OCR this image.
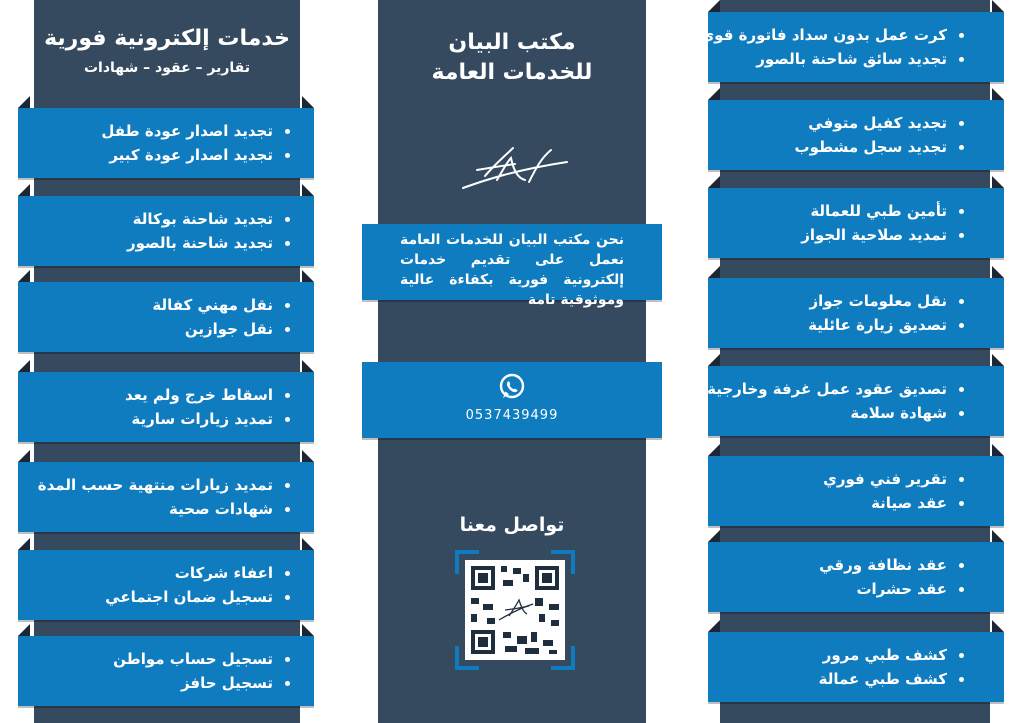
خدمات إلكترونية فورية
تقارير – عقود – شهادات
تجديد اصدار عودة طفل
تجديد اصدار عودة كبير
تجديد شاحنة بوكالة
تجديد شاحنة بالصور
نقل مهني كفالة
نقل جوازين
اسقاط خرج ولم يعد
تمديد زيارات سارية
تمديد زيارات منتهية حسب المدة
شهادات صحية
اعفاء شركات
تسجيل ضمان اجتماعي
تسجيل حساب مواطن
تسجيل حافز
مكتب البيان
للخدمات العامة
نحن مكتب البيان للخدمات العامة نعمل على تقديم خدمات إلكترونية فورية بكفاءة عالية وموثوقية تامة
0537439499
تواصل معنا
كرت عمل بدون سداد فاتورة قوى
تجديد سائق شاحنة بالصور
تجديد كفيل متوفي
تجديد سجل مشطوب
تأمين طبي للعمالة
تمديد صلاحية الجواز
نقل معلومات جواز
تصديق زيارة عائلية
تصديق عقود عمل غرفة وخارجية
شهادة سلامة
تقرير فني فوري
عقد صيانة
عقد نظافة ورقي
عقد حشرات
كشف طبي مرور
كشف طبي عمالة
